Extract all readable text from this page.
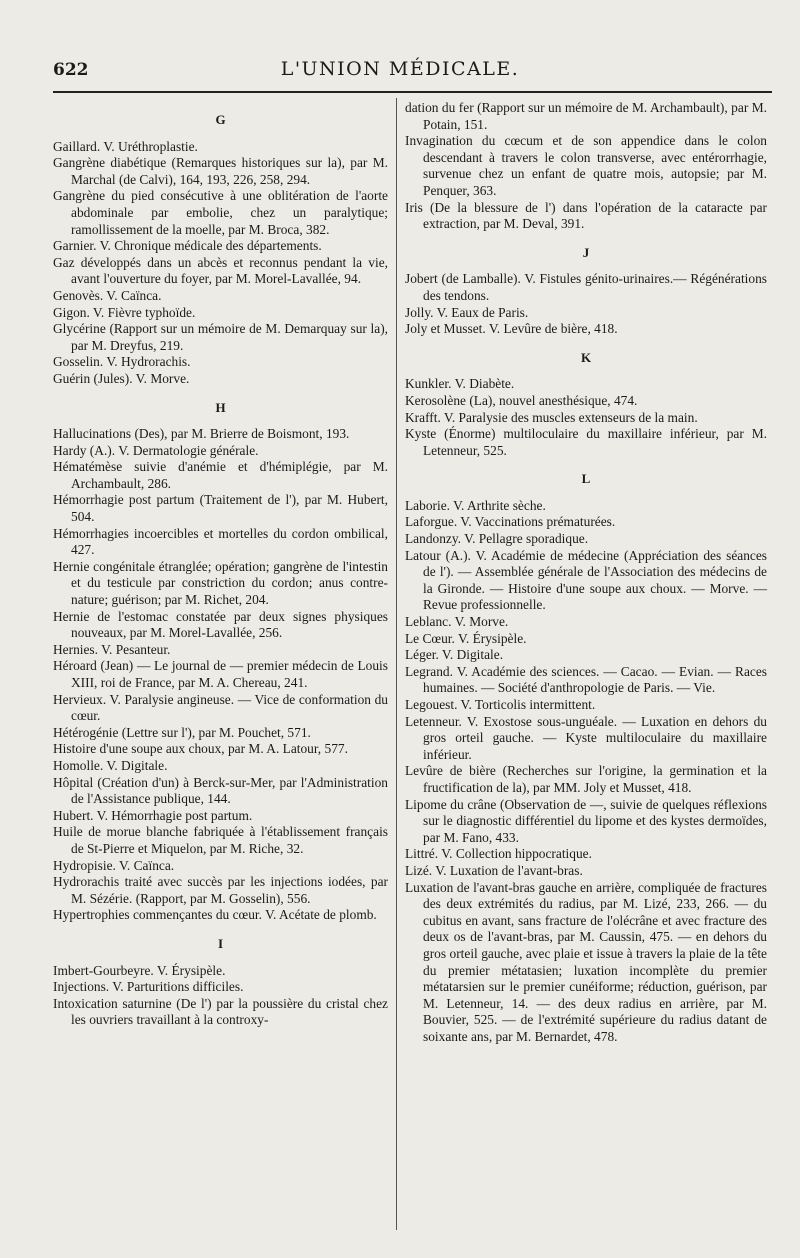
622	L'UNION MÉDICALE.
G
Gaillard. V. Uréthroplastie.
Gangrène diabétique (Remarques historiques sur la), par M. Marchal (de Calvi), 164, 193, 226, 258, 294.
Gangrène du pied consécutive à une oblitération de l'aorte abdominale par embolie, chez un paralytique; ramollissement de la moelle, par M. Broca, 382.
Garnier. V. Chronique médicale des départements.
Gaz développés dans un abcès et reconnus pendant la vie, avant l'ouverture du foyer, par M. Morel-Lavallée, 94.
Genovès. V. Caïnca.
Gigon. V. Fièvre typhoïde.
Glycérine (Rapport sur un mémoire de M. Demarquay sur la), par M. Dreyfus, 219.
Gosselin. V. Hydrorachis.
Guérin (Jules). V. Morve.
H
Hallucinations (Des), par M. Brierre de Boismont, 193.
Hardy (A.). V. Dermatologie générale.
Hématémèse suivie d'anémie et d'hémiplégie, par M. Archambault, 286.
Hémorrhagie post partum (Traitement de l'), par M. Hubert, 504.
Hémorrhagies incoercibles et mortelles du cordon ombilical, 427.
Hernie congénitale étranglée; opération; gangrène de l'intestin et du testicule par constriction du cordon; anus contre-nature; guérison; par M. Richet, 204.
Hernie de l'estomac constatée par deux signes physiques nouveaux, par M. Morel-Lavallée, 256.
Hernies. V. Pesanteur.
Héroard (Jean) — Le journal de — premier médecin de Louis XIII, roi de France, par M. A. Chereau, 241.
Hervieux. V. Paralysie angineuse. — Vice de conformation du cœur.
Hétérogénie (Lettre sur l'), par M. Pouchet, 571.
Histoire d'une soupe aux choux, par M. A. Latour, 577.
Homolle. V. Digitale.
Hôpital (Création d'un) à Berck-sur-Mer, par l'Administration de l'Assistance publique, 144.
Hubert. V. Hémorrhagie post partum.
Huile de morue blanche fabriquée à l'établissement français de St-Pierre et Miquelon, par M. Riche, 32.
Hydropisie. V. Caïnca.
Hydrorachis traité avec succès par les injections iodées, par M. Sézérie. (Rapport, par M. Gosselin), 556.
Hypertrophies commençantes du cœur. V. Acétate de plomb.
I
Imbert-Gourbeyre. V. Érysipèle.
Injections. V. Parturitions difficiles.
Intoxication saturnine (De l') par la poussière du cristal chez les ouvriers travaillant à la controxy-
dation du fer (Rapport sur un mémoire de M. Archambault), par M. Potain, 151.
Invagination du cœcum et de son appendice dans le colon descendant à travers le colon transverse, avec entérorrhagie, survenue chez un enfant de quatre mois, autopsie; par M. Penquer, 363.
Iris (De la blessure de l') dans l'opération de la cataracte par extraction, par M. Deval, 391.
J
Jobert (de Lamballe). V. Fistules génito-urinaires.— Régénérations des tendons.
Jolly. V. Eaux de Paris.
Joly et Musset. V. Levûre de bière, 418.
K
Kunkler. V. Diabète.
Kerosolène (La), nouvel anesthésique, 474.
Krafft. V. Paralysie des muscles extenseurs de la main.
Kyste (Énorme) multiloculaire du maxillaire inférieur, par M. Letenneur, 525.
L
Laborie. V. Arthrite sèche.
Laforgue. V. Vaccinations prématurées.
Landonzy. V. Pellagre sporadique.
Latour (A.). V. Académie de médecine (Appréciation des séances de l'). — Assemblée générale de l'Association des médecins de la Gironde. — Histoire d'une soupe aux choux. — Morve. — Revue professionnelle.
Leblanc. V. Morve.
Le Cœur. V. Érysipèle.
Léger. V. Digitale.
Legrand. V. Académie des sciences. — Cacao. — Evian. — Races humaines. — Société d'anthropologie de Paris. — Vie.
Legouest. V. Torticolis intermittent.
Letenneur. V. Exostose sous-unguéale. — Luxation en dehors du gros orteil gauche. — Kyste multiloculaire du maxillaire inférieur.
Levûre de bière (Recherches sur l'origine, la germination et la fructification de la), par MM. Joly et Musset, 418.
Lipome du crâne (Observation de —, suivie de quelques réflexions sur le diagnostic différentiel du lipome et des kystes dermoïdes, par M. Fano, 433.
Littré. V. Collection hippocratique.
Lizé. V. Luxation de l'avant-bras.
Luxation de l'avant-bras gauche en arrière, compliquée de fractures des deux extrémités du radius, par M. Lizé, 233, 266. — du cubitus en avant, sans fracture de l'olécrâne et avec fracture des deux os de l'avant-bras, par M. Caussin, 475. — en dehors du gros orteil gauche, avec plaie et issue à travers la plaie de la tête du premier métatasien; luxation incomplète du premier métatarsien sur le premier cunéiforme; réduction, guérison, par M. Letenneur, 14. — des deux radius en arrière, par M. Bouvier, 525. — de l'extrémité supérieure du radius datant de soixante ans, par M. Bernardet, 478.
